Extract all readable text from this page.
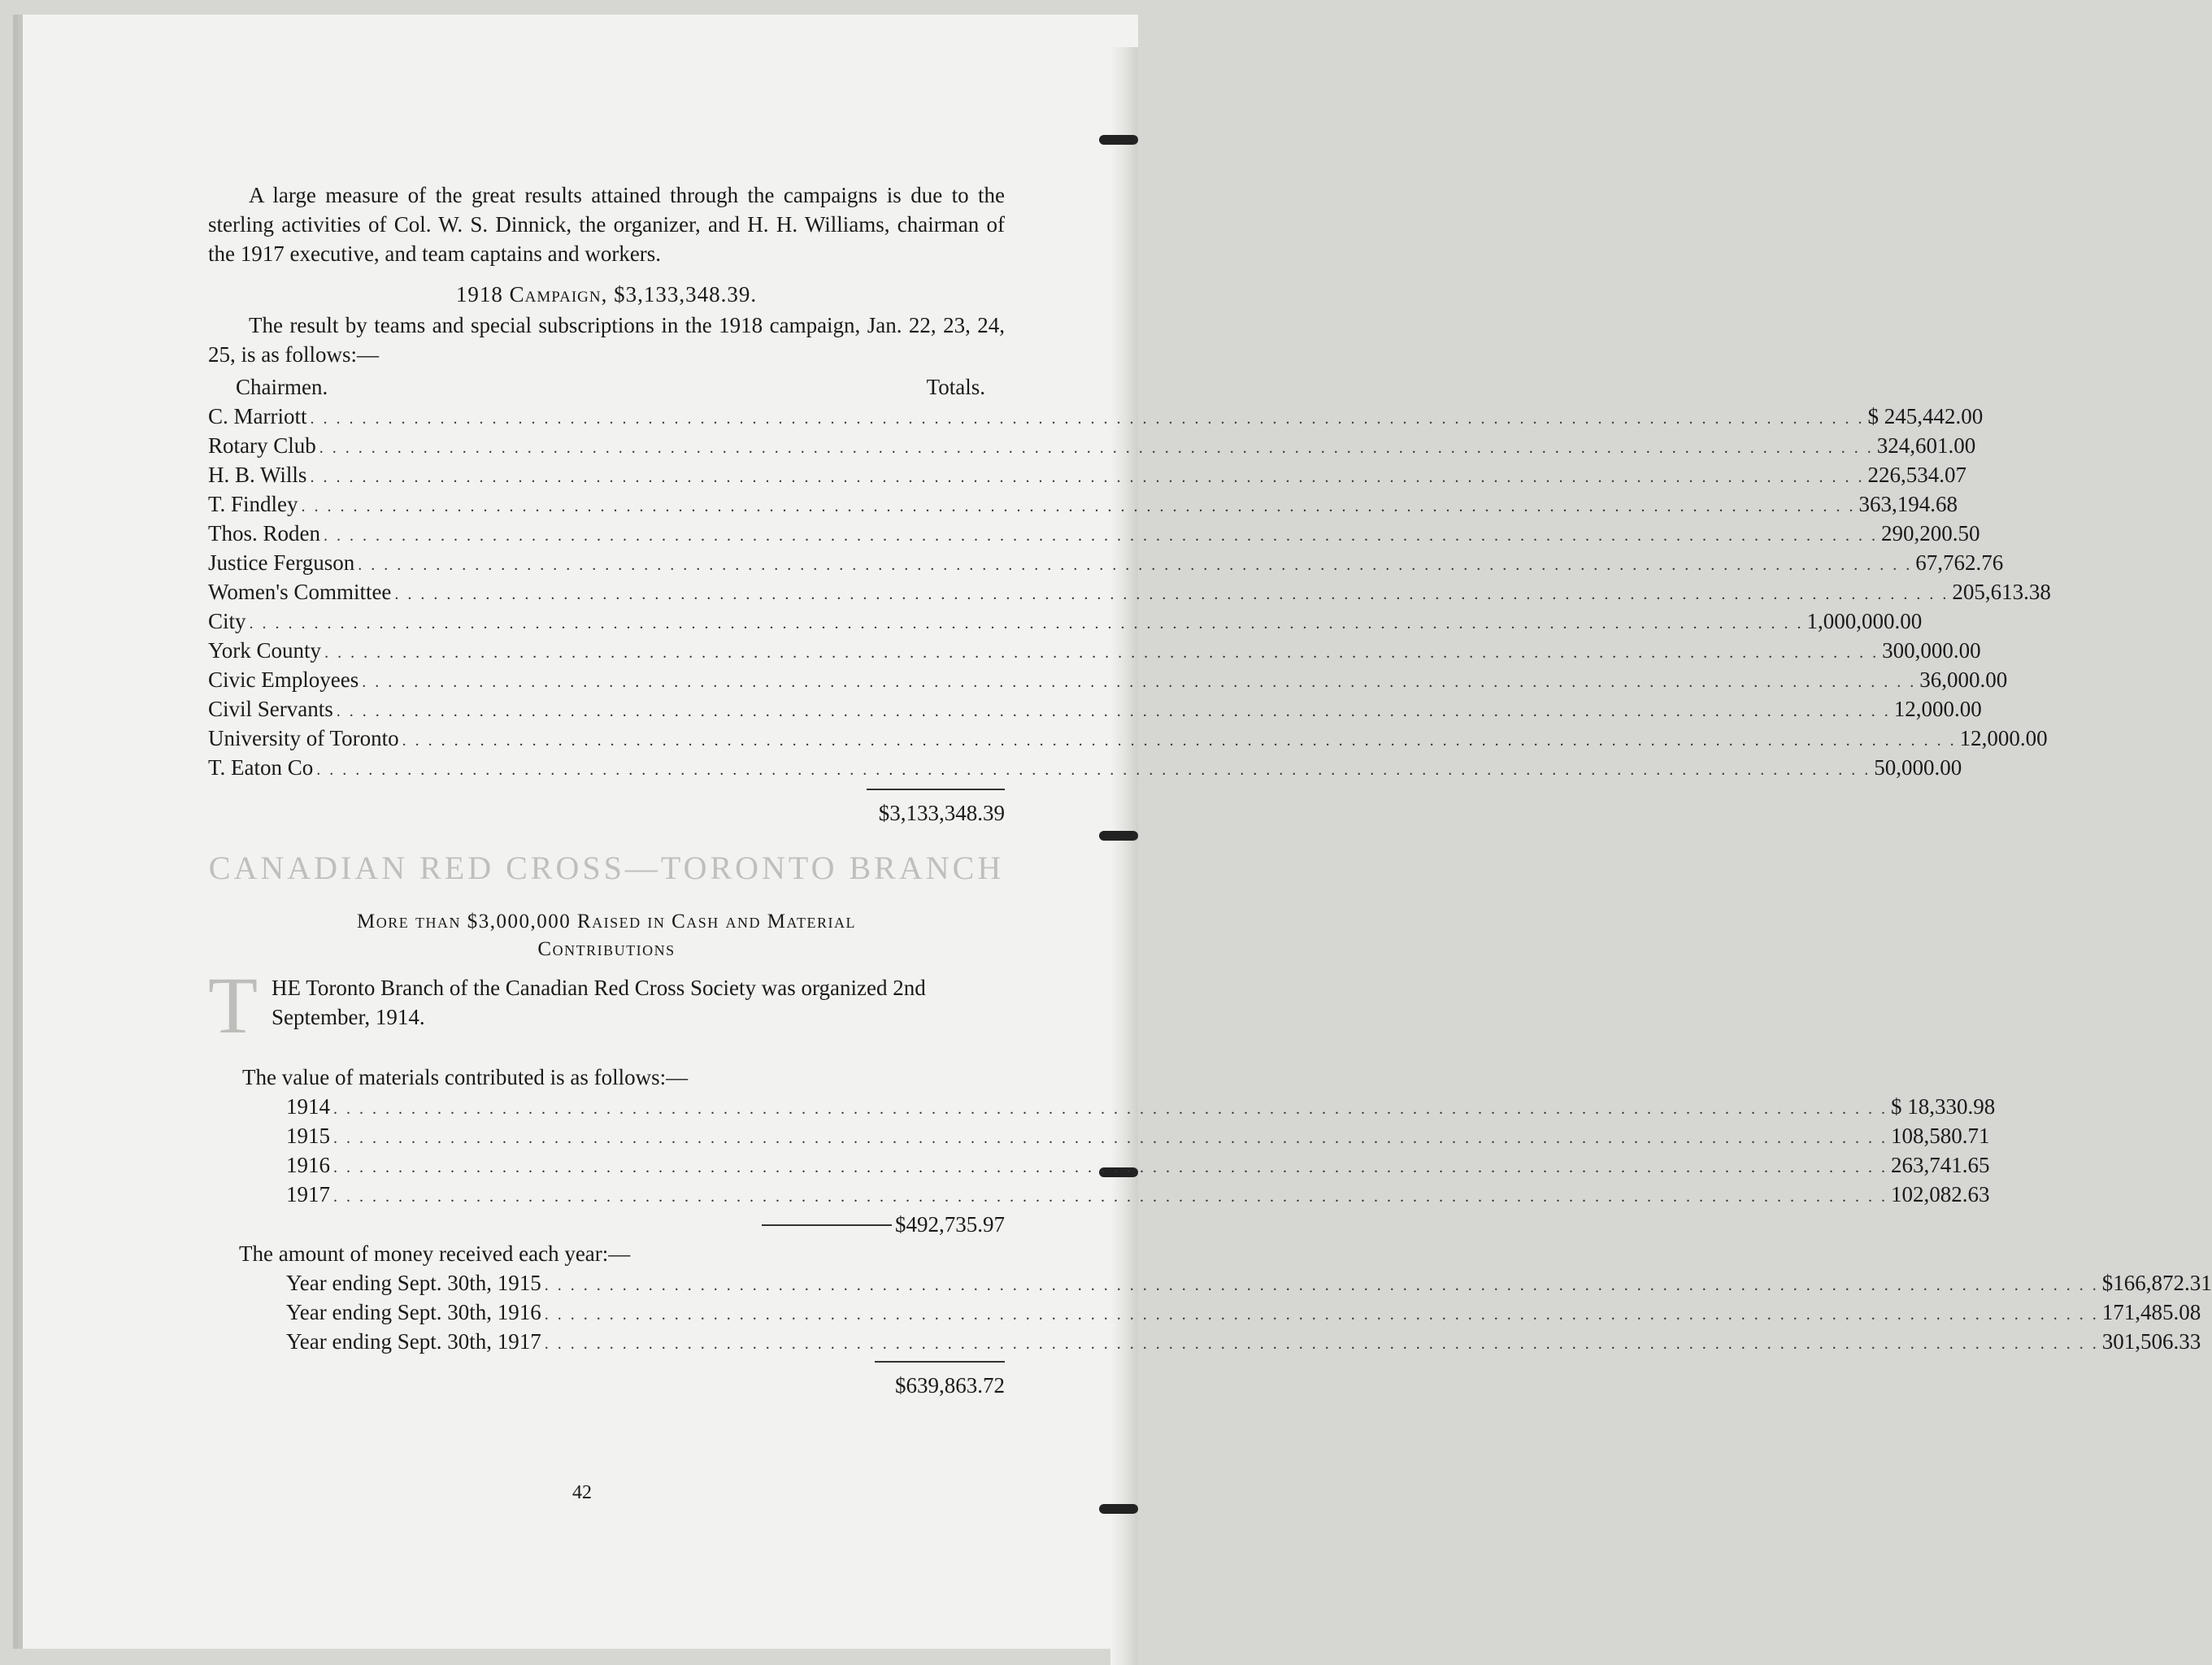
A large measure of the great results attained through the campaigns is due to the sterling activities of Col. W. S. Dinnick, the organizer, and H. H. Williams, chairman of the 1917 executive, and team captains and workers.

1918 Campaign, $3,133,348.39.

The result by teams and special subscriptions in the 1918 campaign, Jan. 22, 23, 24, 25, is as follows:—

Chairmen.	Totals.
C. Marriott . . . . . . . . . . . . . . . . . . . . . . . . . . . . . . . . . . . . . . . . . . . . . . . . . . . . . . . . . . . . . . . . . . . . . . . . . . . . . . . . . . . . . . . . . . . . . . . . . . . . . . . . . . . . . . . . . . . . . . . . $ 245,442.00
Rotary Club . . . . . . . . . . . . . . . . . . . . . . . . . . . . . . . . . . . . . . . . . . . . . . . . . . . . . . . . . . . . . . . . . . . . . . . . . . . . . . . . . . . . . . . . . . . . . . . . . . . . . . . . . . . . . . . . . . . . . . . . 324,601.00
H. B. Wills . . . . . . . . . . . . . . . . . . . . . . . . . . . . . . . . . . . . . . . . . . . . . . . . . . . . . . . . . . . . . . . . . . . . . . . . . . . . . . . . . . . . . . . . . . . . . . . . . . . . . . . . . . . . . . . . . . . . . . . . 226,534.07
T. Findley . . . . . . . . . . . . . . . . . . . . . . . . . . . . . . . . . . . . . . . . . . . . . . . . . . . . . . . . . . . . . . . . . . . . . . . . . . . . . . . . . . . . . . . . . . . . . . . . . . . . . . . . . . . . . . . . . . . . . . . . 363,194.68
Thos. Roden . . . . . . . . . . . . . . . . . . . . . . . . . . . . . . . . . . . . . . . . . . . . . . . . . . . . . . . . . . . . . . . . . . . . . . . . . . . . . . . . . . . . . . . . . . . . . . . . . . . . . . . . . . . . . . . . . . . . . . . . 290,200.50
Justice Ferguson . . . . . . . . . . . . . . . . . . . . . . . . . . . . . . . . . . . . . . . . . . . . . . . . . . . . . . . . . . . . . . . . . . . . . . . . . . . . . . . . . . . . . . . . . . . . . . . . . . . . . . . . . . . . . . . . . . . . . . . . 67,762.76
Women's Committee . . . . . . . . . . . . . . . . . . . . . . . . . . . . . . . . . . . . . . . . . . . . . . . . . . . . . . . . . . . . . . . . . . . . . . . . . . . . . . . . . . . . . . . . . . . . . . . . . . . . . . . . . . . . . . . . . . . . . . . . 205,613.38
City . . . . . . . . . . . . . . . . . . . . . . . . . . . . . . . . . . . . . . . . . . . . . . . . . . . . . . . . . . . . . . . . . . . . . . . . . . . . . . . . . . . . . . . . . . . . . . . . . . . . . . . . . . . . . . . . . . . . . . . . 1,000,000.00
York County . . . . . . . . . . . . . . . . . . . . . . . . . . . . . . . . . . . . . . . . . . . . . . . . . . . . . . . . . . . . . . . . . . . . . . . . . . . . . . . . . . . . . . . . . . . . . . . . . . . . . . . . . . . . . . . . . . . . . . . . 300,000.00
Civic Employees . . . . . . . . . . . . . . . . . . . . . . . . . . . . . . . . . . . . . . . . . . . . . . . . . . . . . . . . . . . . . . . . . . . . . . . . . . . . . . . . . . . . . . . . . . . . . . . . . . . . . . . . . . . . . . . . . . . . . . . . 36,000.00
Civil Servants . . . . . . . . . . . . . . . . . . . . . . . . . . . . . . . . . . . . . . . . . . . . . . . . . . . . . . . . . . . . . . . . . . . . . . . . . . . . . . . . . . . . . . . . . . . . . . . . . . . . . . . . . . . . . . . . . . . . . . . . 12,000.00
University of Toronto . . . . . . . . . . . . . . . . . . . . . . . . . . . . . . . . . . . . . . . . . . . . . . . . . . . . . . . . . . . . . . . . . . . . . . . . . . . . . . . . . . . . . . . . . . . . . . . . . . . . . . . . . . . . . . . . . . . . . . . . 12,000.00
T. Eaton Co . . . . . . . . . . . . . . . . . . . . . . . . . . . . . . . . . . . . . . . . . . . . . . . . . . . . . . . . . . . . . . . . . . . . . . . . . . . . . . . . . . . . . . . . . . . . . . . . . . . . . . . . . . . . . . . . . . . . . . . . 50,000.00
$3,133,348.39
CANADIAN RED CROSS—TORONTO BRANCH

More than $3,000,000 Raised in Cash and Material

Contributions

T HE Toronto Branch of the Canadian Red Cross Society was organized 2nd September, 1914.

The value of materials contributed is as follows:—

1914 . . . . . . . . . . . . . . . . . . . . . . . . . . . . . . . . . . . . . . . . . . . . . . . . . . . . . . . . . . . . . . . . . . . . . . . . . . . . . . . . . . . . . . . . . . . . . . . . . . . . . . . . . . . . . . . . . . . . . . . . $ 18,330.98
1915 . . . . . . . . . . . . . . . . . . . . . . . . . . . . . . . . . . . . . . . . . . . . . . . . . . . . . . . . . . . . . . . . . . . . . . . . . . . . . . . . . . . . . . . . . . . . . . . . . . . . . . . . . . . . . . . . . . . . . . . . 108,580.71
1916 . . . . . . . . . . . . . . . . . . . . . . . . . . . . . . . . . . . . . . . . . . . . . . . . . . . . . . . . . . . . . . . . . . . . . . . . . . . . . . . . . . . . . . . . . . . . . . . . . . . . . . . . . . . . . . . . . . . . . . . . 263,741.65
1917 . . . . . . . . . . . . . . . . . . . . . . . . . . . . . . . . . . . . . . . . . . . . . . . . . . . . . . . . . . . . . . . . . . . . . . . . . . . . . . . . . . . . . . . . . . . . . . . . . . . . . . . . . . . . . . . . . . . . . . . . 102,082.63
$492,735.97

The amount of money received each year:—

Year ending Sept. 30th, 1915 . . . . . . . . . . . . . . . . . . . . . . . . . . . . . . . . . . . . . . . . . . . . . . . . . . . . . . . . . . . . . . . . . . . . . . . . . . . . . . . . . . . . . . . . . . . . . . . . . . . . . . . . . . . . . . . . . . . . . . . . $166,872.31
Year ending Sept. 30th, 1916 . . . . . . . . . . . . . . . . . . . . . . . . . . . . . . . . . . . . . . . . . . . . . . . . . . . . . . . . . . . . . . . . . . . . . . . . . . . . . . . . . . . . . . . . . . . . . . . . . . . . . . . . . . . . . . . . . . . . . . . . 171,485.08
Year ending Sept. 30th, 1917 . . . . . . . . . . . . . . . . . . . . . . . . . . . . . . . . . . . . . . . . . . . . . . . . . . . . . . . . . . . . . . . . . . . . . . . . . . . . . . . . . . . . . . . . . . . . . . . . . . . . . . . . . . . . . . . . . . . . . . . . 301,506.33
$639,863.72
42
